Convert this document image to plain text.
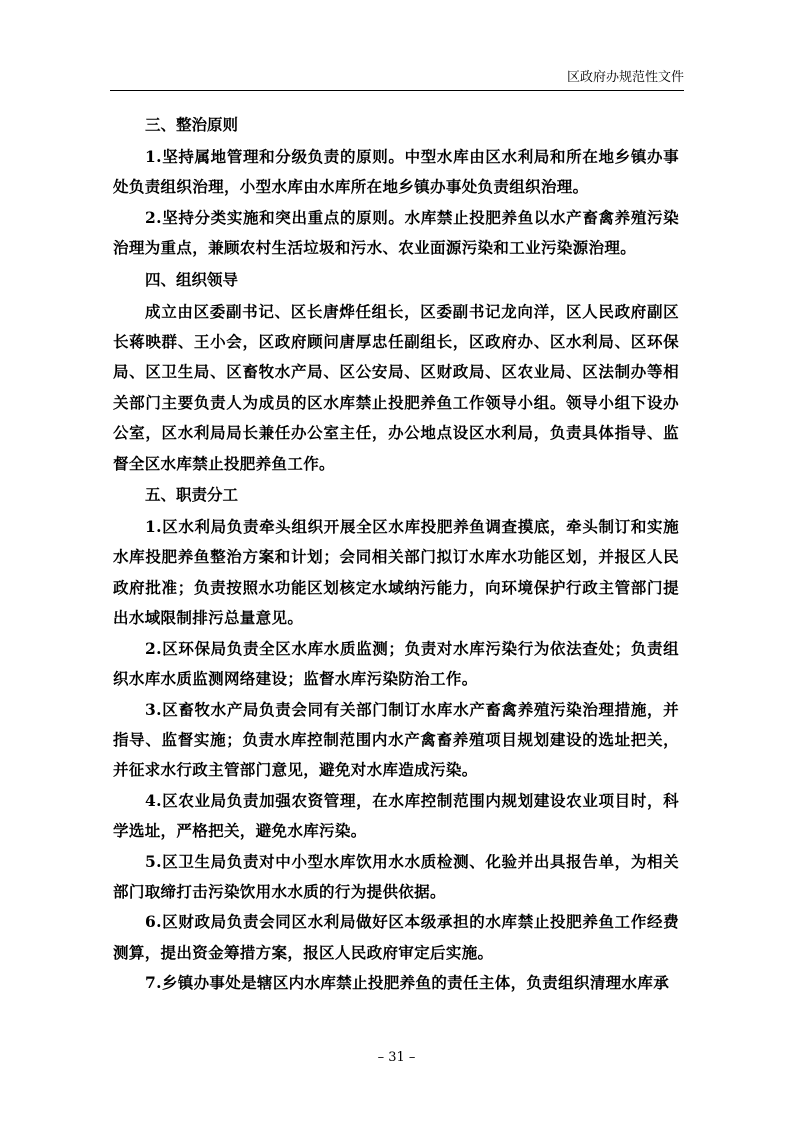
区政府办规范性文件

三、整治原则

1.坚持属地管理和分级负责的原则。中型水库由区水利局和所在地乡镇办事处负责组织治理，小型水库由水库所在地乡镇办事处负责组织治理。

2.坚持分类实施和突出重点的原则。水库禁止投肥养鱼以水产畜禽养殖污染治理为重点，兼顾农村生活垃圾和污水、农业面源污染和工业污染源治理。

四、组织领导

成立由区委副书记、区长唐烨任组长，区委副书记龙向洋，区人民政府副区长蒋映群、王小会，区政府顾问唐厚忠任副组长，区政府办、区水利局、区环保局、区卫生局、区畜牧水产局、区公安局、区财政局、区农业局、区法制办等相关部门主要负责人为成员的区水库禁止投肥养鱼工作领导小组。领导小组下设办公室，区水利局局长兼任办公室主任，办公地点设区水利局，负责具体指导、监督全区水库禁止投肥养鱼工作。

五、职责分工

1.区水利局负责牵头组织开展全区水库投肥养鱼调查摸底，牵头制订和实施水库投肥养鱼整治方案和计划；会同相关部门拟订水库水功能区划，并报区人民政府批准；负责按照水功能区划核定水域纳污能力，向环境保护行政主管部门提出水域限制排污总量意见。

2.区环保局负责全区水库水质监测；负责对水库污染行为依法查处；负责组织水库水质监测网络建设；监督水库污染防治工作。

3.区畜牧水产局负责会同有关部门制订水库水产畜禽养殖污染治理措施，并指导、监督实施；负责水库控制范围内水产禽畜养殖项目规划建设的选址把关，并征求水行政主管部门意见，避免对水库造成污染。

4.区农业局负责加强农资管理，在水库控制范围内规划建设农业项目时，科学选址，严格把关，避免水库污染。

5.区卫生局负责对中小型水库饮用水水质检测、化验并出具报告单，为相关部门取缔打击污染饮用水水质的行为提供依据。

6.区财政局负责会同区水利局做好区本级承担的水库禁止投肥养鱼工作经费测算，提出资金筹措方案，报区人民政府审定后实施。

7.乡镇办事处是辖区内水库禁止投肥养鱼的责任主体，负责组织清理水库承

– 31 –
